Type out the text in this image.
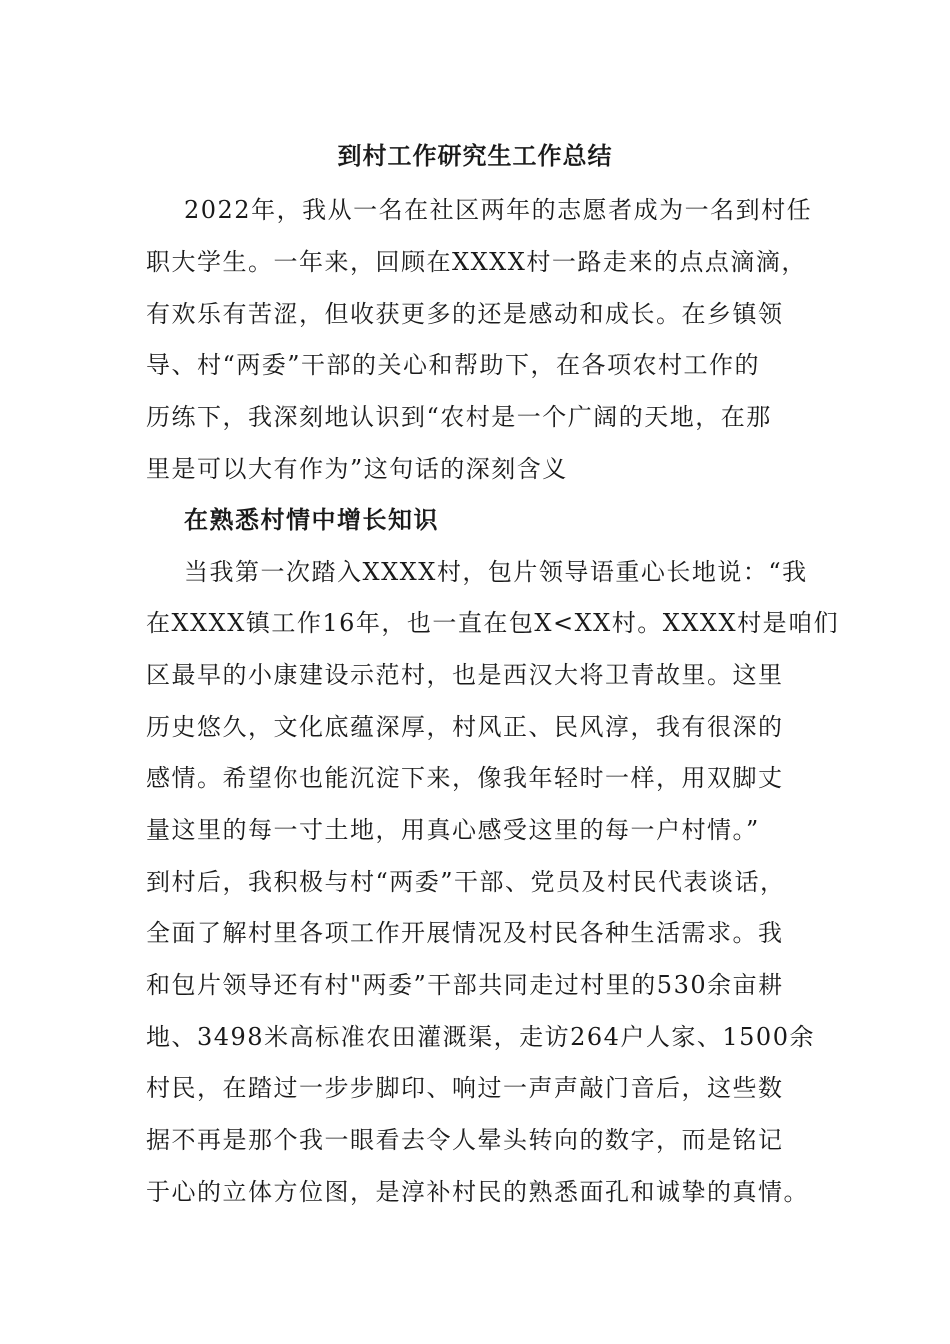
到村工作研究生工作总结
2022年，我从一名在社区两年的志愿者成为一名到村任
职大学生。一年来，回顾在XXXX村一路走来的点点滴滴，
有欢乐有苦涩，但收获更多的还是感动和成长。在乡镇领
导、村“两委”干部的关心和帮助下，在各项农村工作的
历练下，我深刻地认识到“农村是一个广阔的天地，在那
里是可以大有作为”这句话的深刻含义
在熟悉村情中增长知识
当我第一次踏入XXXX村，包片领导语重心长地说：“我
在XXXX镇工作16年，也一直在包X<XX村。XXXX村是咱们
区最早的小康建设示范村，也是西汉大将卫青故里。这里
历史悠久，文化底蕴深厚，村风正、民风淳，我有很深的
感情。希望你也能沉淀下来，像我年轻时一样，用双脚丈
量这里的每一寸土地，用真心感受这里的每一户村情。”
到村后，我积极与村“两委”干部、党员及村民代表谈话，
全面了解村里各项工作开展情况及村民各种生活需求。我
和包片领导还有村"两委”干部共同走过村里的530余亩耕
地、3498米高标准农田灌溉渠，走访264户人家、1500余
村民，在踏过一步步脚印、响过一声声敲门音后，这些数
据不再是那个我一眼看去令人晕头转向的数字，而是铭记
于心的立体方位图，是淳补村民的熟悉面孔和诚挚的真情。
